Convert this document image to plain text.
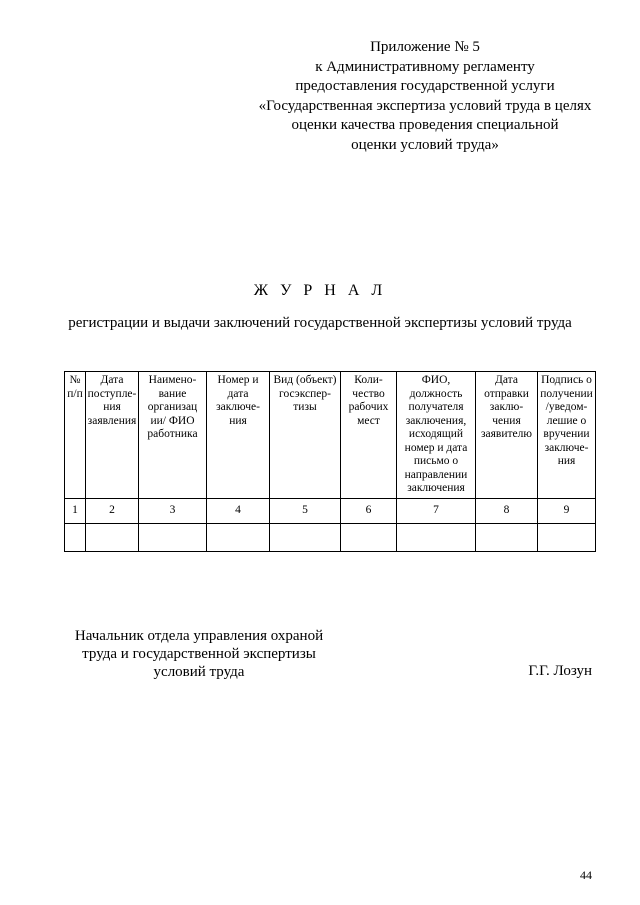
Приложение № 5
к Административному регламенту
предоставления государственной услуги
«Государственная экспертиза условий труда в целях
оценки качества проведения специальной
оценки условий труда»
Ж У Р Н А Л
регистрации и выдачи заключений государственной экспертизы условий труда
№ п/п	Дата поступле- ния заявления	Наимено- вание организац ии/ ФИО работника	Номер и дата заключе- ния	Вид (объект) госэкспер- тизы	Коли- чество рабочих мест	ФИО, должность получателя заключения, исходящий номер и дата письмо о направлении заключения	Дата отправки заклю- чения заявителю	Подпись о получении /уведом- лешие о вручении заключе- ния
1	2	3	4	5	6	7	8	9

Начальник отдела управления охраной
труда и государственной экспертизы
условий труда	Г.Г. Лозун
44
